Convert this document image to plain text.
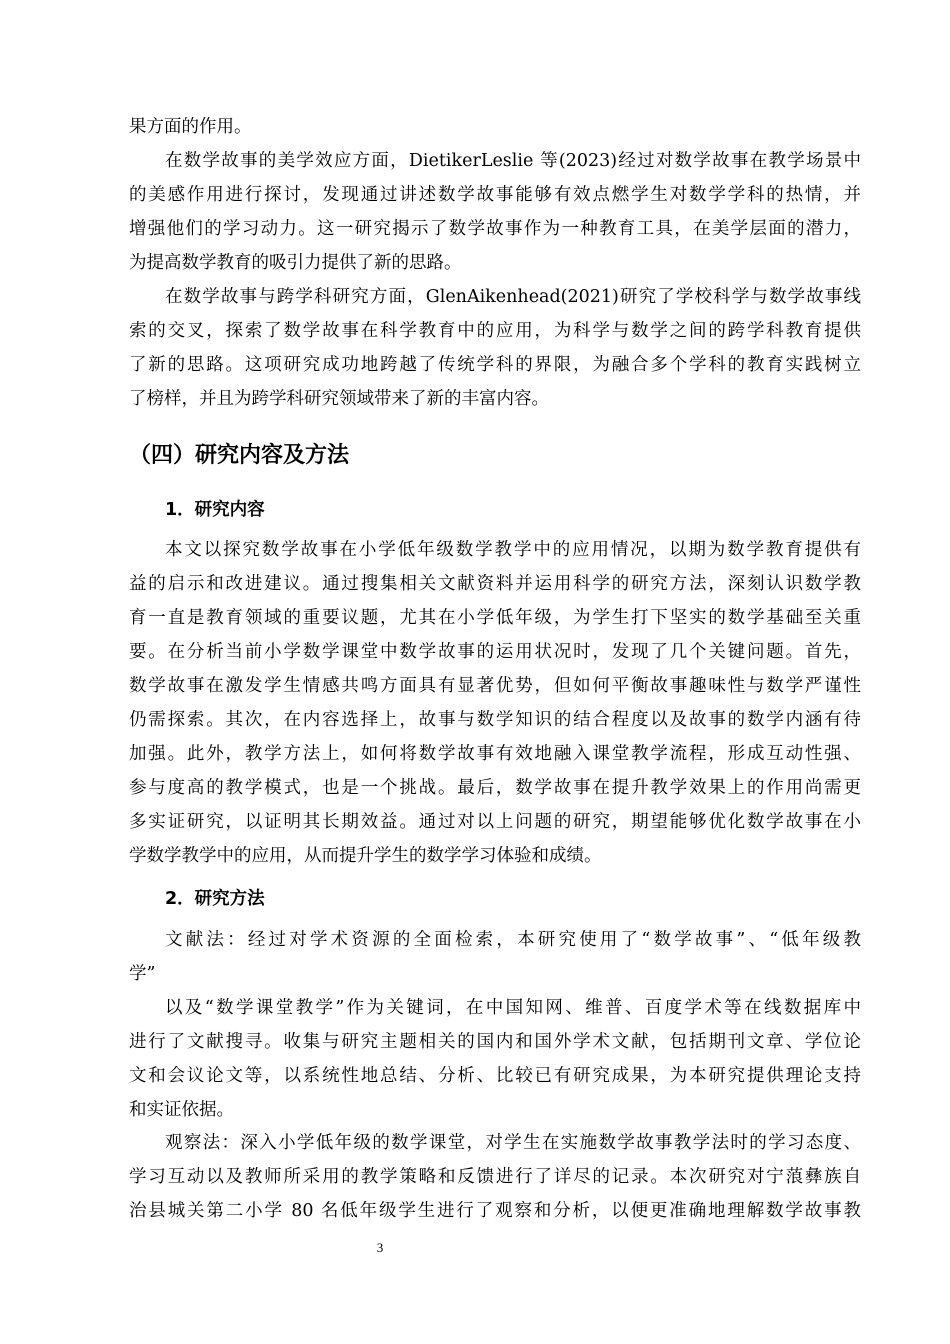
果方面的作用。
在数学故事的美学效应方面，DietikerLeslie 等(2023)经过对数学故事在教学场景中
的美感作用进行探讨，发现通过讲述数学故事能够有效点燃学生对数学学科的热情，并
增强他们的学习动力。这一研究揭示了数学故事作为一种教育工具，在美学层面的潜力，
为提高数学教育的吸引力提供了新的思路。
在数学故事与跨学科研究方面，GlenAikenhead(2021)研究了学校科学与数学故事线
索的交叉，探索了数学故事在科学教育中的应用，为科学与数学之间的跨学科教育提供
了新的思路。这项研究成功地跨越了传统学科的界限，为融合多个学科的教育实践树立
了榜样，并且为跨学科研究领域带来了新的丰富内容。
（四）研究内容及方法
1．研究内容
本文以探究数学故事在小学低年级数学教学中的应用情况，以期为数学教育提供有
益的启示和改进建议。通过搜集相关文献资料并运用科学的研究方法，深刻认识数学教
育一直是教育领域的重要议题，尤其在小学低年级，为学生打下坚实的数学基础至关重
要。在分析当前小学数学课堂中数学故事的运用状况时，发现了几个关键问题。首先，
数学故事在激发学生情感共鸣方面具有显著优势，但如何平衡故事趣味性与数学严谨性
仍需探索。其次，在内容选择上，故事与数学知识的结合程度以及故事的数学内涵有待
加强。此外，教学方法上，如何将数学故事有效地融入课堂教学流程，形成互动性强、
参与度高的教学模式，也是一个挑战。最后，数学故事在提升教学效果上的作用尚需更
多实证研究，以证明其长期效益。通过对以上问题的研究，期望能够优化数学故事在小
学数学教学中的应用，从而提升学生的数学学习体验和成绩。
2．研究方法
文献法：经过对学术资源的全面检索，本研究使用了“数学故事”、“低年级教
学”
以及“数学课堂教学”作为关键词，在中国知网、维普、百度学术等在线数据库中
进行了文献搜寻。收集与研究主题相关的国内和国外学术文献，包括期刊文章、学位论
文和会议论文等，以系统性地总结、分析、比较已有研究成果，为本研究提供理论支持
和实证依据。
观察法：深入小学低年级的数学课堂，对学生在实施数学故事教学法时的学习态度、
学习互动以及教师所采用的教学策略和反馈进行了详尽的记录。本次研究对宁蒗彝族自
治县城关第二小学 80 名低年级学生进行了观察和分析，以便更准确地理解数学故事教
3
